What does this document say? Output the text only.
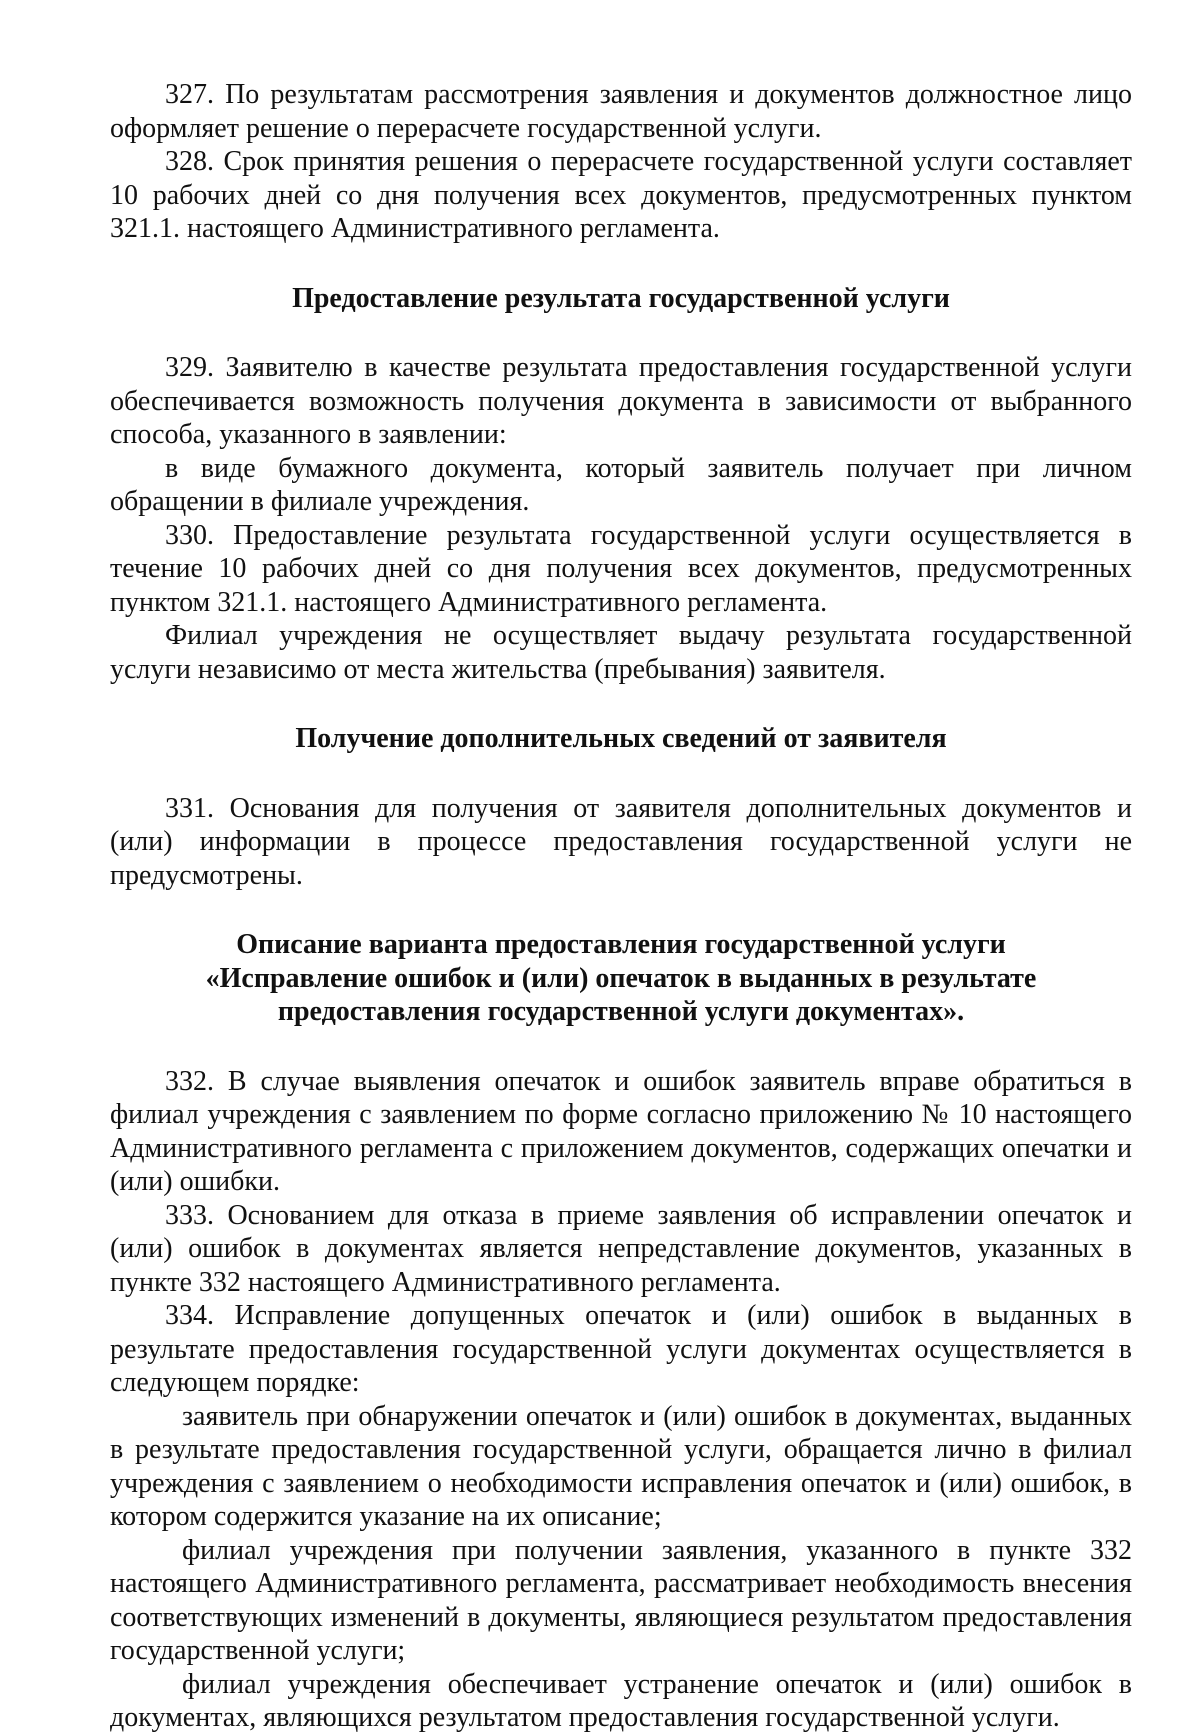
327. По результатам рассмотрения заявления и документов должностное лицо оформляет решение о перерасчете государственной услуги.

328. Срок принятия решения о перерасчете государственной услуги составляет 10 рабочих дней со дня получения всех документов, предусмотренных пунктом 321.1. настоящего Административного регламента.

Предоставление результата государственной услуги

329. Заявителю в качестве результата предоставления государственной услуги обеспечивается возможность получения документа в зависимости от выбранного способа, указанного в заявлении:

в виде бумажного документа, который заявитель получает при личном обращении в филиале учреждения.

330. Предоставление результата государственной услуги осуществляется в течение 10 рабочих дней со дня получения всех документов, предусмотренных пунктом 321.1. настоящего Административного регламента.

Филиал учреждения не осуществляет выдачу результата государственной услуги независимо от места жительства (пребывания) заявителя.

Получение дополнительных сведений от заявителя

331. Основания для получения от заявителя дополнительных документов и (или) информации в процессе предоставления государственной услуги не предусмотрены.

Описание варианта предоставления государственной услуги
«Исправление ошибок и (или) опечаток в выданных в результате
предоставления государственной услуги документах».

332. В случае выявления опечаток и ошибок заявитель вправе обратиться в филиал учреждения с заявлением по форме согласно приложению № 10 настоящего Административного регламента с приложением документов, содержащих опечатки и (или) ошибки.

333. Основанием для отказа в приеме заявления об исправлении опечаток и (или) ошибок в документах является непредставление документов, указанных в пункте 332 настоящего Административного регламента.

334. Исправление допущенных опечаток и (или) ошибок в выданных в результате предоставления государственной услуги документах осуществляется в следующем порядке:

заявитель при обнаружении опечаток и (или) ошибок в документах, выданных в результате предоставления государственной услуги, обращается лично в филиал учреждения с заявлением о необходимости исправления опечаток и (или) ошибок, в котором содержится указание на их описание;

филиал учреждения при получении заявления, указанного в пункте 332 настоящего Административного регламента, рассматривает необходимость внесения соответствующих изменений в документы, являющиеся результатом предоставления государственной услуги;

филиал учреждения обеспечивает устранение опечаток и (или) ошибок в документах, являющихся результатом предоставления государственной услуги.
